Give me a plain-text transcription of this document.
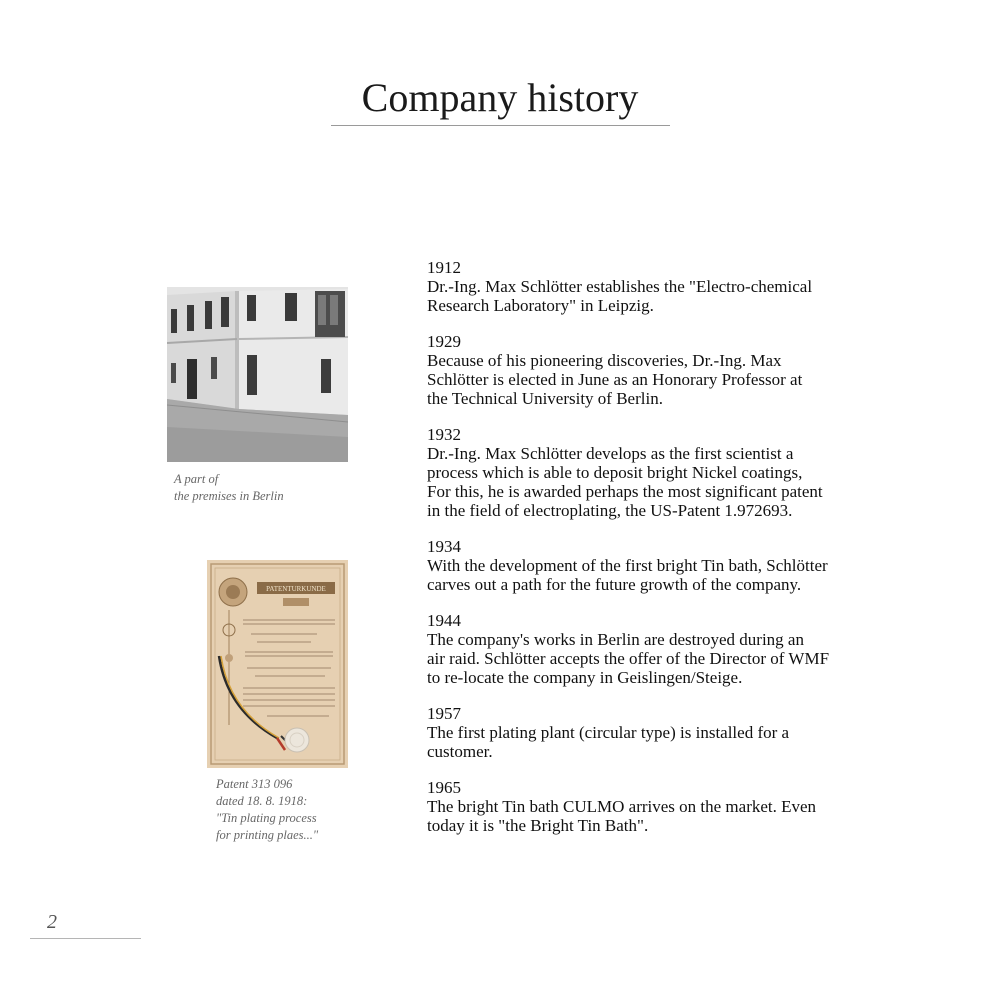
Company history
A part of
the premises in Berlin
PATENTURKUNDE
Patent 313 096
dated 18. 8. 1918:
"Tin plating process
for printing plaes..."
1912
Dr.-Ing. Max Schlötter establishes the "Electro-chemical
Research Laboratory" in Leipzig.
1929
Because of his pioneering discoveries, Dr.-Ing. Max
Schlötter is elected in June as an Honorary Professor at
the Technical University of Berlin.
1932
Dr.-Ing. Max Schlötter develops as the first scientist a
process which is able to deposit bright Nickel coatings,
For this, he is awarded perhaps the most significant patent
in the field of electroplating, the US-Patent 1.972693.
1934
With the development of the first bright Tin bath, Schlötter
carves out a path for the future growth of the company.
1944
The company's works in Berlin are destroyed during an
air raid. Schlötter accepts the offer of the Director of WMF
to re-locate the company in Geislingen/Steige.
1957
The first plating plant (circular type) is installed for a
customer.
1965
The bright Tin bath CULMO arrives on the market. Even
today it is "the Bright Tin Bath".
2
